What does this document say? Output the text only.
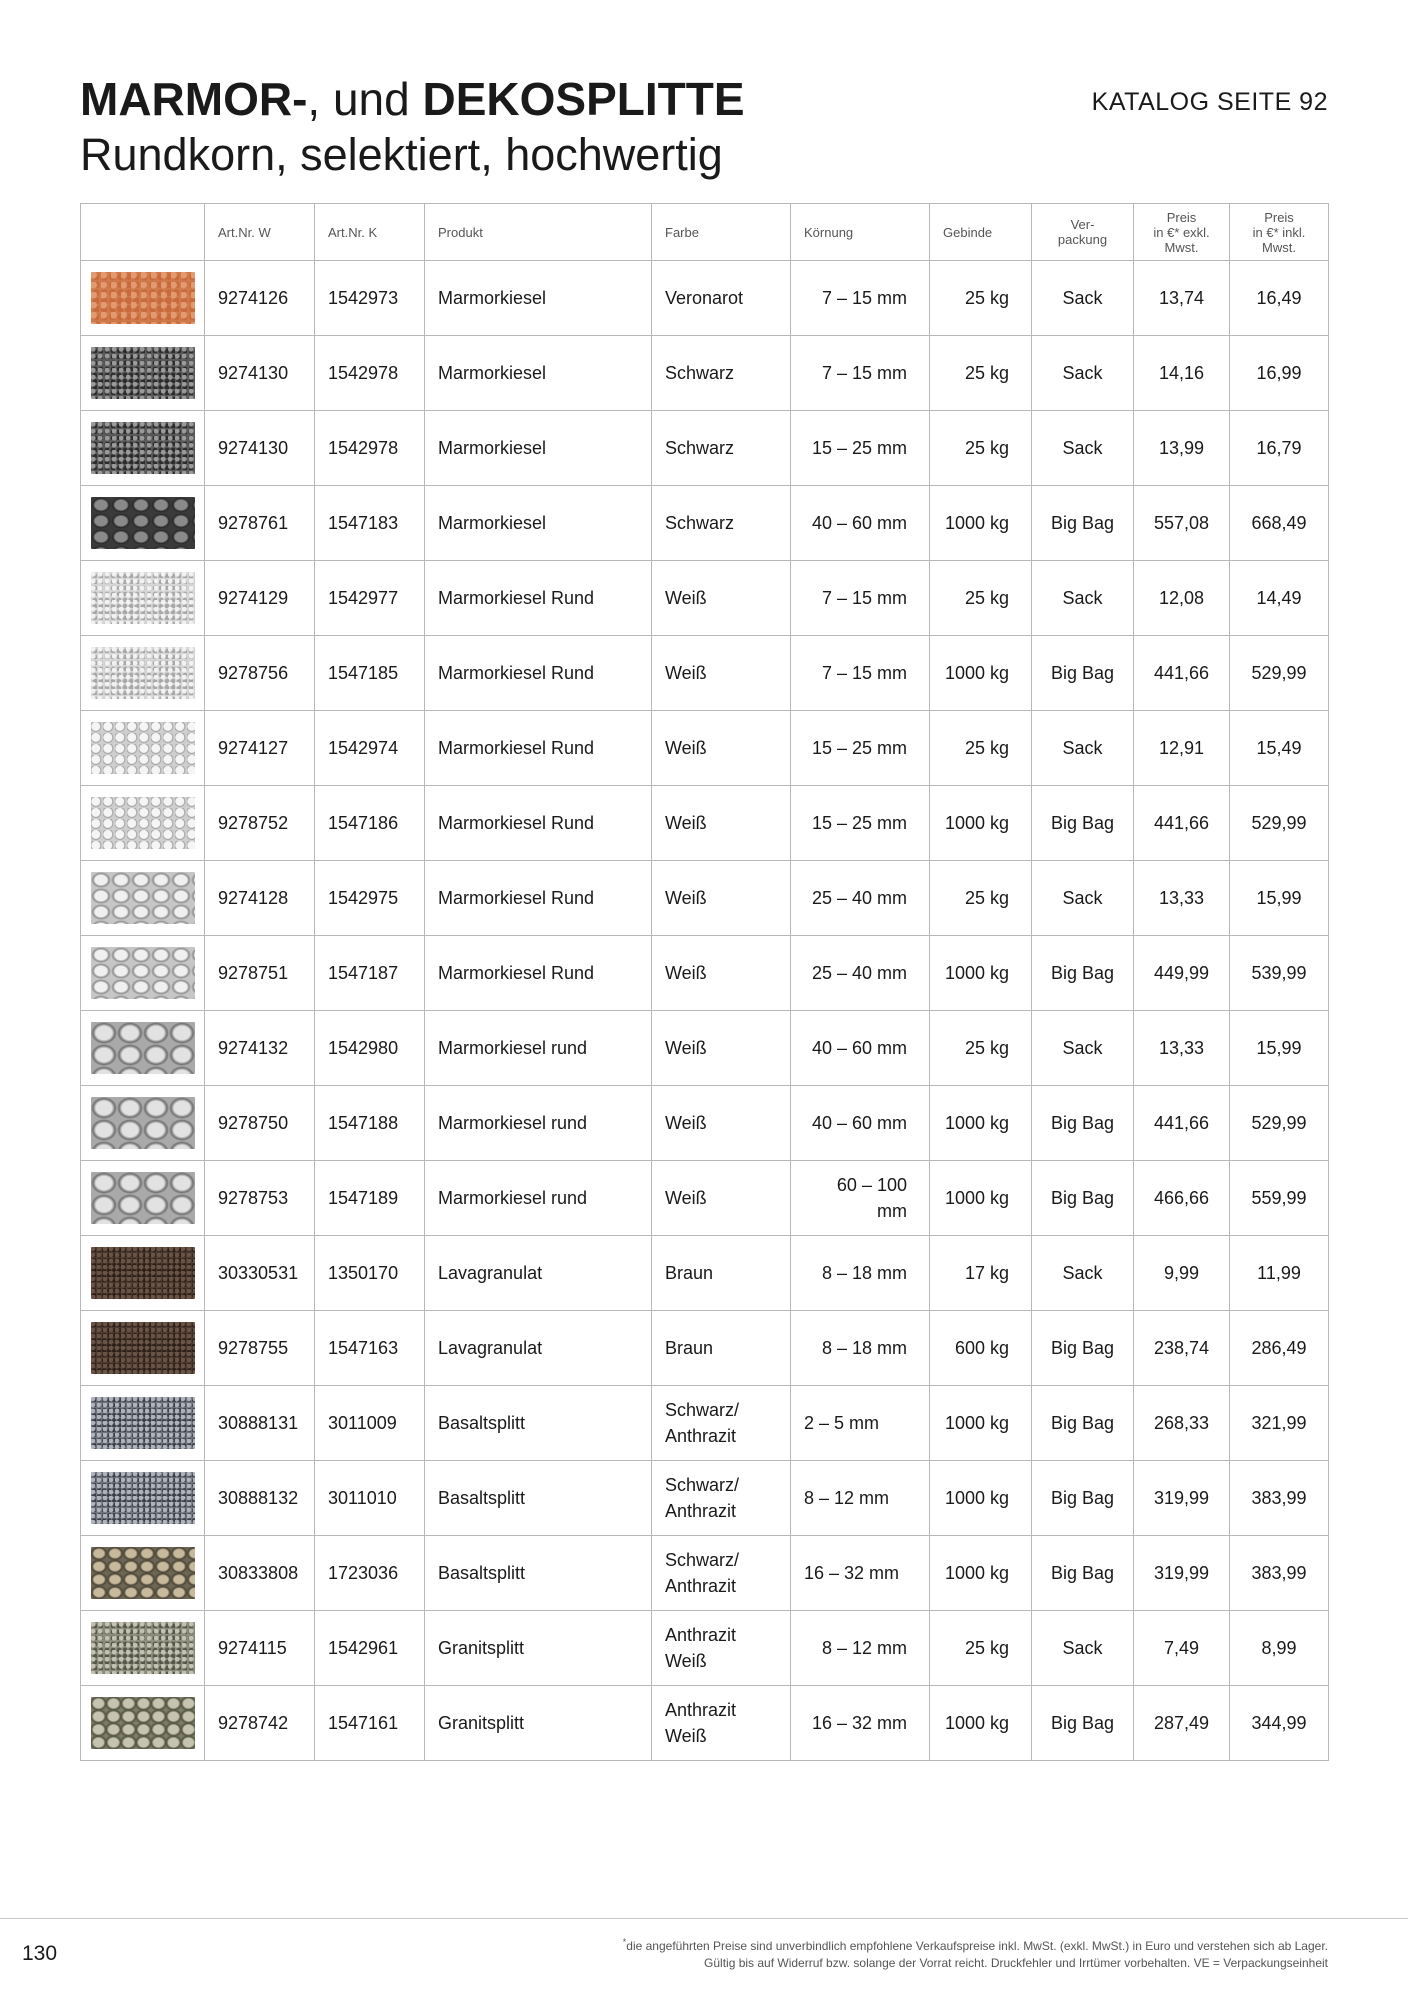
MARMOR-, und DEKOSPLITTE
Rundkorn, selektiert, hochwertig
KATALOG SEITE 92
	Art.Nr. W	Art.Nr. K	Produkt	Farbe	Körnung	Gebinde	Ver-
packung	Preis
in €* exkl.
Mwst.	Preis
in €* inkl.
Mwst.

	9274126	1542973	Marmorkiesel	Veronarot	7 – 15 mm	25 kg	Sack	13,74	16,49

	9274130	1542978	Marmorkiesel	Schwarz	7 – 15 mm	25 kg	Sack	14,16	16,99

	9274130	1542978	Marmorkiesel	Schwarz	15 – 25 mm	25 kg	Sack	13,99	16,79

	9278761	1547183	Marmorkiesel	Schwarz	40 – 60 mm	1000 kg	Big Bag	557,08	668,49

	9274129	1542977	Marmorkiesel Rund	Weiß	7 – 15 mm	25 kg	Sack	12,08	14,49

	9278756	1547185	Marmorkiesel Rund	Weiß	7 – 15 mm	1000 kg	Big Bag	441,66	529,99

	9274127	1542974	Marmorkiesel Rund	Weiß	15 – 25 mm	25 kg	Sack	12,91	15,49

	9278752	1547186	Marmorkiesel Rund	Weiß	15 – 25 mm	1000 kg	Big Bag	441,66	529,99

	9274128	1542975	Marmorkiesel Rund	Weiß	25 – 40 mm	25 kg	Sack	13,33	15,99

	9278751	1547187	Marmorkiesel Rund	Weiß	25 – 40 mm	1000 kg	Big Bag	449,99	539,99

	9274132	1542980	Marmorkiesel rund	Weiß	40 – 60 mm	25 kg	Sack	13,33	15,99

	9278750	1547188	Marmorkiesel rund	Weiß	40 – 60 mm	1000 kg	Big Bag	441,66	529,99

	9278753	1547189	Marmorkiesel rund	Weiß	60 – 100 mm	1000 kg	Big Bag	466,66	559,99

	30330531	1350170	Lavagranulat	Braun	8 – 18 mm	17 kg	Sack	9,99	11,99

	9278755	1547163	Lavagranulat	Braun	8 – 18 mm	600 kg	Big Bag	238,74	286,49

	30888131	3011009	Basaltsplitt	Schwarz/
Anthrazit	2 – 5 mm	1000 kg	Big Bag	268,33	321,99

	30888132	3011010	Basaltsplitt	Schwarz/
Anthrazit	8 – 12 mm	1000 kg	Big Bag	319,99	383,99

	30833808	1723036	Basaltsplitt	Schwarz/
Anthrazit	16 – 32 mm	1000 kg	Big Bag	319,99	383,99

	9274115	1542961	Granitsplitt	Anthrazit
Weiß	8 – 12 mm	25 kg	Sack	7,49	8,99

	9278742	1547161	Granitsplitt	Anthrazit
Weiß	16 – 32 mm	1000 kg	Big Bag	287,49	344,99
130	*die angeführten Preise sind unverbindlich empfohlene Verkaufspreise inkl. MwSt. (exkl. MwSt.) in Euro und verstehen sich ab Lager.
Gültig bis auf Widerruf bzw. solange der Vorrat reicht. Druckfehler und Irrtümer vorbehalten. VE = Verpackungseinheit
